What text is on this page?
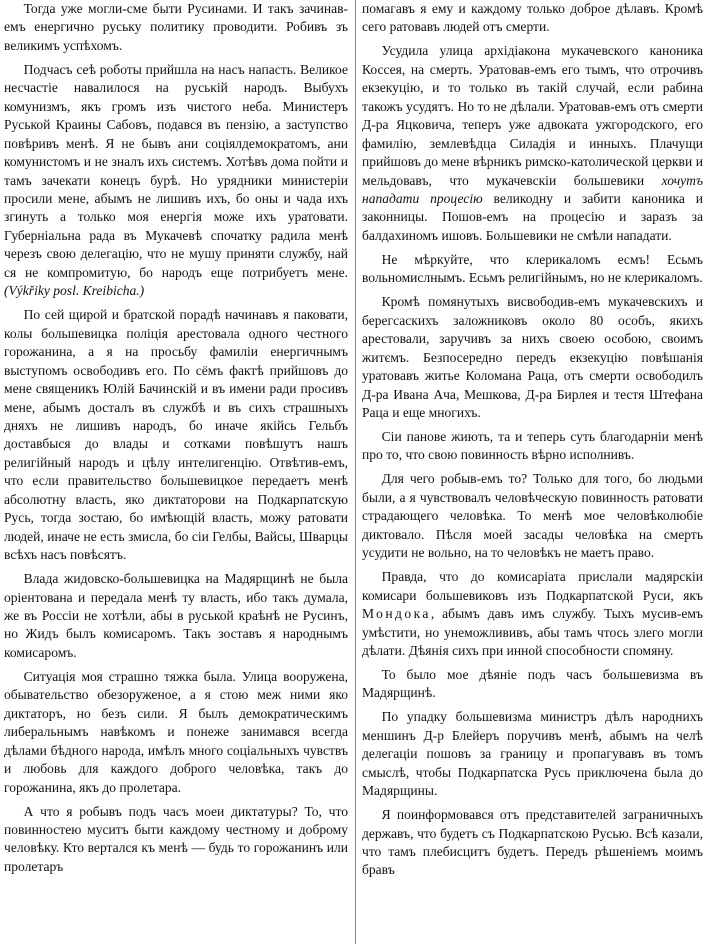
Тогда уже могли-сме быти Русинами. И такъ зачинав-емъ енергично руську политику проводити. Робивъ зъ великимъ успѣхомъ.

Подчасъ сеѣ роботы прийшла на насъ напасть. Великое несчастіе навалилося на руськiй народъ. Выбухъ комунизмъ, якъ громъ изъ чистого неба. Министеръ Руськой Краины Сабовъ, подався въ пензію, а заступство повѣривъ менѣ. Я не бывъ ани соціялдемократомъ, ани комунистомъ и не зналъ ихъ системъ. Хотѣвъ дома пойти и тамъ зачекати конецъ бурѣ. Но урядники министеріи просили мене, абымъ не лишивъ ихъ, бо оны и чада ихъ згинуть а только моя енергія може ихъ уратовати. Губерніальна рада въ Мукачевѣ спочатку радила менѣ черезъ свою делегацію, что не мушу приняти службу, най ся не компромитую, бо народъ еще потрибуетъ мене. (Výkřiky posl. Kreibicha.)

По сей щирой и братской порадѣ начинавъ я паковати, колы большевицка поліція арестовала одного честного горожанина, а я на просьбу фамиліи енергичнымъ выступомъ освободивъ его. По сёмъ фактѣ прийшовъ до мене священикъ Юлій Бачинскій и въ имени ради просивъ мене, абымъ досталъ въ службѣ и въ сихъ страшныхъ дняхъ не лишивъ народъ, бо иначе якійсь Гельбъ доставбыся до влады и сотками повѣшутъ нашъ религійный народъ и цѣлу интелигенцію. Отвѣтив-емъ, что если правительство большевицкое передаетъ менѣ абсолютну власть, яко диктаторови на Подкарпатскую Русь, тогда зостаю, бо имѣющій власть, можу ратовати людей, иначе не есть змисла, бо сіи Гелбы, Вайсы, Шварцы всѣхъ насъ повѣсятъ.

Влада жидовско-большевицка на Мадярщинѣ не была оріентована и передала менѣ ту власть, ибо такъ думала, же въ Россіи не хотѣли, абы в руськой краѣнѣ не Русинъ, но Жидъ былъ комисаромъ. Такъ зоставъ я народнымъ комисаромъ.

Ситуація моя страшно тяжка была. Улица вооружена, обывательство обезоруженое, а я стою меж ними яко диктаторъ, но безъ сили. Я былъ демократическимъ либеральнымъ навѣкомъ и понеже занимався всегда дѣлами бѣдного народа, имѣлъ много соціальныхъ чувствъ и любовь для каждого доброго человѣка, такъ до горожанина, якъ до пролетара.

А что я робывъ подъ часъ моеи диктатуры? То, что повинностею муситъ быти каждому честному и доброму человѣку. Кто вертался къ менѣ — будь то горожанинъ или пролетаръ

помагавъ я ему и каждому только доброе дѣлавъ. Кромѣ сего ратовавъ людей отъ смерти.

Усудила улица архідіакона мукачевского каноника Коссея, на смерть. Уратовав-емъ его тымъ, что отрочивъ екзекуцію, и то только въ такій случай, если рабина такожъ усудятъ. Но то не дѣлали. Уратовав-емъ отъ смерти Д-ра Яцковича, теперъ уже адвоката ужгородского, его фамилію, землевѣдца Силадія и инныхъ. Плачущи прийшовъ до мене вѣрникъ римско-католической церкви и мельдовавъ, что мукачевскіи большевики хочутъ нападати процесію великодну и забити каноника и законницы. Пошов-емъ на процесію и заразъ за балдахиномъ ишовъ. Большевики не смѣли нападати.

Не мѣркуйте, что клерикаломъ есмъ! Есьмъ вольномислнымъ. Есьмъ религійнымъ, но не клерикаломъ.

Кромѣ помянутыхъ висвободив-емъ мукачевскихъ и берегсаскихъ заложниковъ около 80 особъ, якихъ арестовали, заручивъ за нихъ своею особою, своимъ житємъ. Безпосередно передъ екзекуцію повѣшанія уратовавъ житье Коломана Раца, отъ смерти освободилъ Д-ра Ивана Ача, Мешкова, Д-ра Бирлея и тестя Штефана Раца и еще многихъ.

Сіи панове жиють, та и теперь суть благодарніи менѣ про то, что свою повинность вѣрно исполнивъ.

Для чего робыв-емъ то? Только для того, бо людьми были, а я чувствовалъ человѣческую повинность ратовати страдающего человѣка. То менѣ мое человѣколюбіе диктовало. Пѣсля моей засады человѣка на смерть усудити не вольно, на то человѣкъ не маетъ право.

Правда, что до комисаріата прислали мадярскіи комисари большевиковъ изъ Подкарпатской Руси, якъ Мондока, абымъ давъ имъ службу. Тыхъ мусив-емъ умѣстити, но унеможлививъ, абы тамъ чтось злего могли дѣлати. Дѣянія сихъ при инной способности спомяну.

То было мое дѣяніе подъ часъ большевизма въ Мадярщинѣ.

По упадку большевизма министръ дѣлъ народнихъ меншинъ Д-р Блейеръ поручивъ менѣ, абымъ на челѣ делегаціи пошовъ за границу и пропагувавъ въ томъ смыслѣ, чтобы Подкарпатска Русь приключена была до Мадярщины.

Я поинформовався отъ представителей заграничныхъ державъ, что будетъ съ Подкарпатскою Русью. Всѣ казали, что тамъ плебисцитъ будетъ. Передъ рѣшеніемъ моимъ бравъ
